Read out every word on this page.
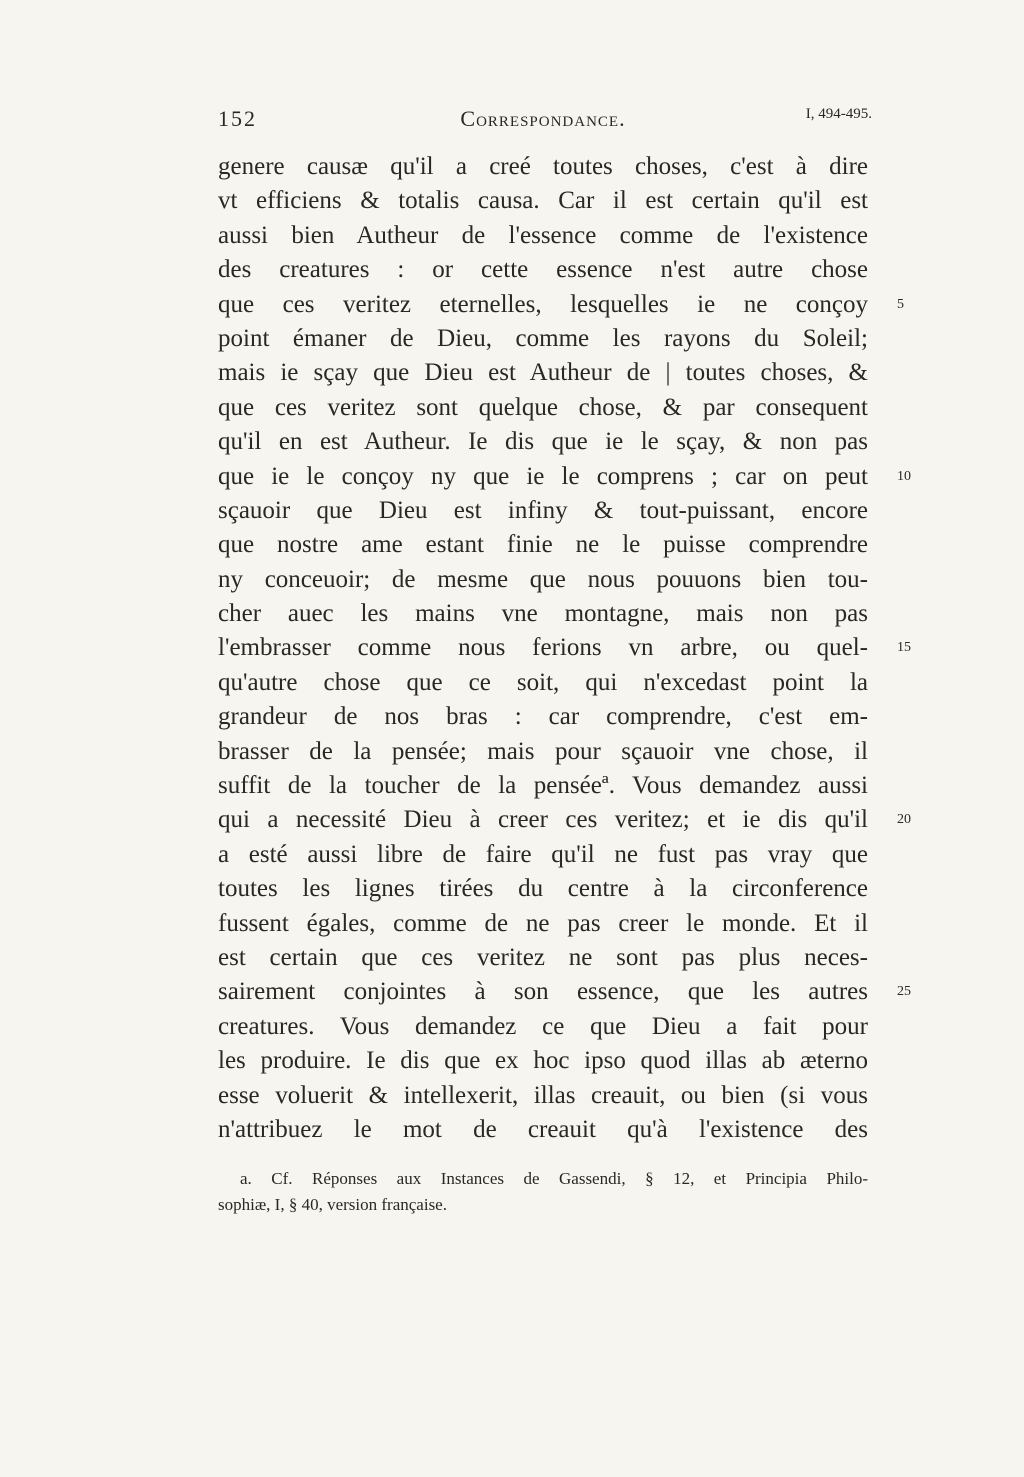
152	Correspondance.	I, 494-495.
genere causæ qu'il a creé toutes choses, c'est à dire
vt efficiens & totalis causa. Car il est certain qu'il est
aussi bien Autheur de l'essence comme de l'existence
des creatures : or cette essence n'est autre chose
que ces veritez eternelles, lesquelles ie ne conçoy 5
point émaner de Dieu, comme les rayons du Soleil;
mais ie sçay que Dieu est Autheur de | toutes choses, &
que ces veritez sont quelque chose, & par consequent
qu'il en est Autheur. Ie dis que ie le sçay, & non pas
que ie le conçoy ny que ie le comprens ; car on peut 10
sçauoir que Dieu est infiny & tout-puissant, encore
que nostre ame estant finie ne le puisse comprendre
ny conceuoir; de mesme que nous pouuons bien tou-
cher auec les mains vne montagne, mais non pas
l'embrasser comme nous ferions vn arbre, ou quel- 15
qu'autre chose que ce soit, qui n'excedast point la
grandeur de nos bras : car comprendre, c'est em-
brasser de la pensée; mais pour sçauoir vne chose, il
suffit de la toucher de la penséeª. Vous demandez aussi
qui a necessité Dieu à creer ces veritez; et ie dis qu'il 20
a esté aussi libre de faire qu'il ne fust pas vray que
toutes les lignes tirées du centre à la circonference
fussent égales, comme de ne pas creer le monde. Et il
est certain que ces veritez ne sont pas plus neces-
sairement conjointes à son essence, que les autres 25
creatures. Vous demandez ce que Dieu a fait pour
les produire. Ie dis que ex hoc ipso quod illas ab æterno
esse voluerit & intellexerit, illas creauit, ou bien (si vous
n'attribuez le mot de creauit qu'à l'existence des
a. Cf. Réponses aux Instances de Gassendi, § 12, et Principia Philo-
sophiæ, I, § 40, version française.
